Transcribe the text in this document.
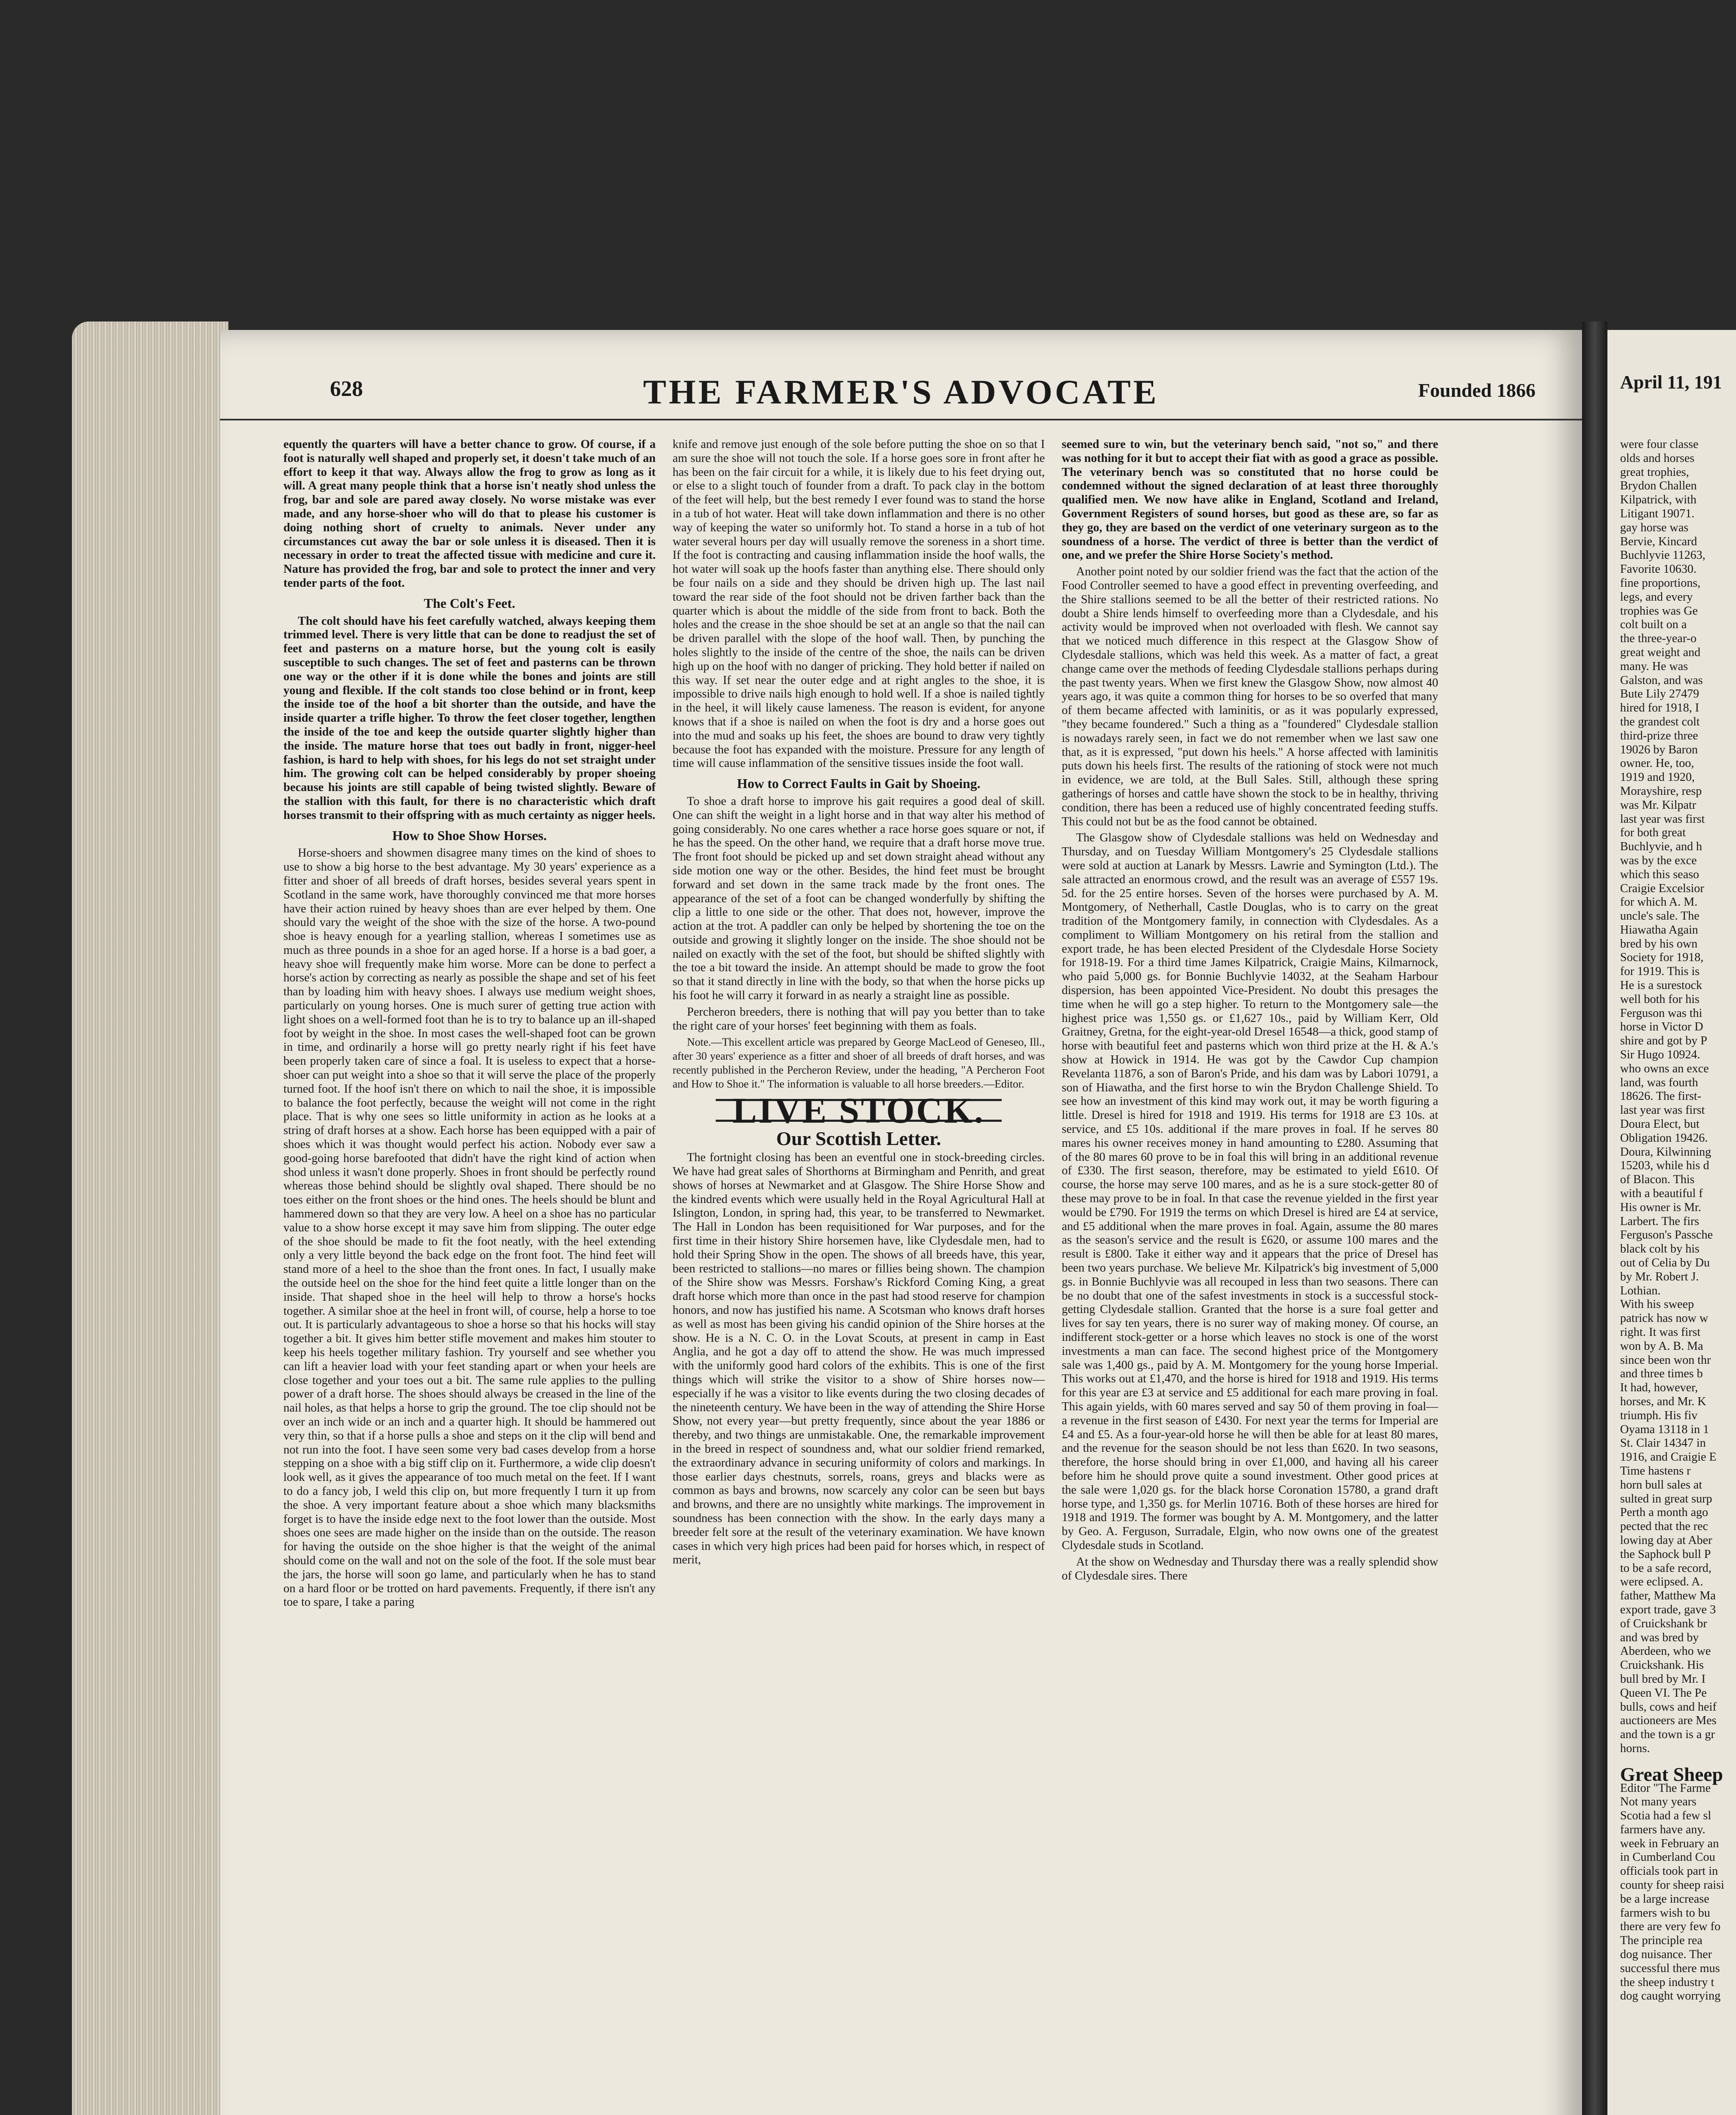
628	THE FARMER'S ADVOCATE	Founded 1866

equently the quarters will have a better chance to grow. Of course, if a foot is naturally well shaped and properly set, it doesn't take much of an effort to keep it that way. Always allow the frog to grow as long as it will. A great many people think that a horse isn't neatly shod unless the frog, bar and sole are pared away closely. No worse mistake was ever made, and any horse-shoer who will do that to please his customer is doing nothing short of cruelty to animals. Never under any circumstances cut away the bar or sole unless it is diseased. Then it is necessary in order to treat the affected tissue with medicine and cure it. Nature has provided the frog, bar and sole to protect the inner and very tender parts of the foot.

The Colt's Feet.

The colt should have his feet carefully watched, always keeping them trimmed level. There is very little that can be done to readjust the set of feet and pasterns on a mature horse, but the young colt is easily susceptible to such changes. The set of feet and pasterns can be thrown one way or the other if it is done while the bones and joints are still young and flexible. If the colt stands too close behind or in front, keep the inside toe of the hoof a bit shorter than the outside, and have the inside quarter a trifle higher. To throw the feet closer together, lengthen the inside of the toe and keep the outside quarter slightly higher than the inside. The mature horse that toes out badly in front, nigger-heel fashion, is hard to help with shoes, for his legs do not set straight under him. The growing colt can be helped considerably by proper shoeing because his joints are still capable of being twisted slightly. Beware of the stallion with this fault, for there is no characteristic which draft horses transmit to their offspring with as much certainty as nigger heels.

How to Shoe Show Horses.

Horse-shoers and showmen disagree many times on the kind of shoes to use to show a big horse to the best advantage. My 30 years' experience as a fitter and shoer of all breeds of draft horses, besides several years spent in Scotland in the same work, have thoroughly convinced me that more horses have their action ruined by heavy shoes than are ever helped by them. One should vary the weight of the shoe with the size of the horse. A two-pound shoe is heavy enough for a yearling stallion, whereas I sometimes use as much as three pounds in a shoe for an aged horse. If a horse is a bad goer, a heavy shoe will frequently make him worse. More can be done to perfect a horse's action by correcting as nearly as possible the shape and set of his feet than by loading him with heavy shoes. I always use medium weight shoes, particularly on young horses. One is much surer of getting true action with light shoes on a well-formed foot than he is to try to balance up an ill-shaped foot by weight in the shoe. In most cases the well-shaped foot can be grown in time, and ordinarily a horse will go pretty nearly right if his feet have been properly taken care of since a foal. It is useless to expect that a horse-shoer can put weight into a shoe so that it will serve the place of the properly turned foot. If the hoof isn't there on which to nail the shoe, it is impossible to balance the foot perfectly, because the weight will not come in the right place. That is why one sees so little uniformity in action as he looks at a string of draft horses at a show. Each horse has been equipped with a pair of shoes which it was thought would perfect his action. Nobody ever saw a good-going horse barefooted that didn't have the right kind of action when shod unless it wasn't done properly. Shoes in front should be perfectly round whereas those behind should be slightly oval shaped. There should be no toes either on the front shoes or the hind ones. The heels should be blunt and hammered down so that they are very low. A heel on a shoe has no particular value to a show horse except it may save him from slipping. The outer edge of the shoe should be made to fit the foot neatly, with the heel extending only a very little beyond the back edge on the front foot. The hind feet will stand more of a heel to the shoe than the front ones. In fact, I usually make the outside heel on the shoe for the hind feet quite a little longer than on the inside. That shaped shoe in the heel will help to throw a horse's hocks together. A similar shoe at the heel in front will, of course, help a horse to toe out. It is particularly advantageous to shoe a horse so that his hocks will stay together a bit. It gives him better stifle movement and makes him stouter to keep his heels together military fashion. Try yourself and see whether you can lift a heavier load with your feet standing apart or when your heels are close together and your toes out a bit. The same rule applies to the pulling power of a draft horse. The shoes should always be creased in the line of the nail holes, as that helps a horse to grip the ground. The toe clip should not be over an inch wide or an inch and a quarter high. It should be hammered out very thin, so that if a horse pulls a shoe and steps on it the clip will bend and not run into the foot. I have seen some very bad cases develop from a horse stepping on a shoe with a big stiff clip on it. Furthermore, a wide clip doesn't look well, as it gives the appearance of too much metal on the feet. If I want to do a fancy job, I weld this clip on, but more frequently I turn it up from the shoe. A very important feature about a shoe which many blacksmiths forget is to have the inside edge next to the foot lower than the outside. Most shoes one sees are made higher on the inside than on the outside. The reason for having the outside on the shoe higher is that the weight of the animal should come on the wall and not on the sole of the foot. If the sole must bear the jars, the horse will soon go lame, and particularly when he has to stand on a hard floor or be trotted on hard pavements. Frequently, if there isn't any toe to spare, I take a paring

knife and remove just enough of the sole before putting the shoe on so that I am sure the shoe will not touch the sole. If a horse goes sore in front after he has been on the fair circuit for a while, it is likely due to his feet drying out, or else to a slight touch of founder from a draft. To pack clay in the bottom of the feet will help, but the best remedy I ever found was to stand the horse in a tub of hot water. Heat will take down inflammation and there is no other way of keeping the water so uniformly hot. To stand a horse in a tub of hot water several hours per day will usually remove the soreness in a short time. If the foot is contracting and causing inflammation inside the hoof walls, the hot water will soak up the hoofs faster than anything else. There should only be four nails on a side and they should be driven high up. The last nail toward the rear side of the foot should not be driven farther back than the quarter which is about the middle of the side from front to back. Both the holes and the crease in the shoe should be set at an angle so that the nail can be driven parallel with the slope of the hoof wall. Then, by punching the holes slightly to the inside of the centre of the shoe, the nails can be driven high up on the hoof with no danger of pricking. They hold better if nailed on this way. If set near the outer edge and at right angles to the shoe, it is impossible to drive nails high enough to hold well. If a shoe is nailed tightly in the heel, it will likely cause lameness. The reason is evident, for anyone knows that if a shoe is nailed on when the foot is dry and a horse goes out into the mud and soaks up his feet, the shoes are bound to draw very tightly because the foot has expanded with the moisture. Pressure for any length of time will cause inflammation of the sensitive tissues inside the foot wall.

How to Correct Faults in Gait by Shoeing.

To shoe a draft horse to improve his gait requires a good deal of skill. One can shift the weight in a light horse and in that way alter his method of going considerably. No one cares whether a race horse goes square or not, if he has the speed. On the other hand, we require that a draft horse move true. The front foot should be picked up and set down straight ahead without any side motion one way or the other. Besides, the hind feet must be brought forward and set down in the same track made by the front ones. The appearance of the set of a foot can be changed wonderfully by shifting the clip a little to one side or the other. That does not, however, improve the action at the trot. A paddler can only be helped by shortening the toe on the outside and growing it slightly longer on the inside. The shoe should not be nailed on exactly with the set of the foot, but should be shifted slightly with the toe a bit toward the inside. An attempt should be made to grow the foot so that it stand directly in line with the body, so that when the horse picks up his foot he will carry it forward in as nearly a straight line as possible.

Percheron breeders, there is nothing that will pay you better than to take the right care of your horses' feet beginning with them as foals.

Note.—This excellent article was prepared by George MacLeod of Geneseo, Ill., after 30 years' experience as a fitter and shoer of all breeds of draft horses, and was recently published in the Percheron Review, under the heading, "A Percheron Foot and How to Shoe it." The information is valuable to all horse breeders.—Editor.

LIVE STOCK.
Our Scottish Letter.

The fortnight closing has been an eventful one in stock-breeding circles. We have had great sales of Shorthorns at Birmingham and Penrith, and great shows of horses at Newmarket and at Glasgow. The Shire Horse Show and the kindred events which were usually held in the Royal Agricultural Hall at Islington, London, in spring had, this year, to be transferred to Newmarket. The Hall in London has been requisitioned for War purposes, and for the first time in their history Shire horsemen have, like Clydesdale men, had to hold their Spring Show in the open. The shows of all breeds have, this year, been restricted to stallions—no mares or fillies being shown. The champion of the Shire show was Messrs. Forshaw's Rickford Coming King, a great draft horse which more than once in the past had stood reserve for champion honors, and now has justified his name. A Scotsman who knows draft horses as well as most has been giving his candid opinion of the Shire horses at the show. He is a N. C. O. in the Lovat Scouts, at present in camp in East Anglia, and he got a day off to attend the show. He was much impressed with the uniformly good hard colors of the exhibits. This is one of the first things which will strike the visitor to a show of Shire horses now—especially if he was a visitor to like events during the two closing decades of the nineteenth century. We have been in the way of attending the Shire Horse Show, not every year—but pretty frequently, since about the year 1886 or thereby, and two things are unmistakable. One, the remarkable improvement in the breed in respect of soundness and, what our soldier friend remarked, the extraordinary advance in securing uniformity of colors and markings. In those earlier days chestnuts, sorrels, roans, greys and blacks were as common as bays and browns, now scarcely any color can be seen but bays and browns, and there are no unsightly white markings. The improvement in soundness has been connection with the show. In the early days many a breeder felt sore at the result of the veterinary examination. We have known cases in which very high prices had been paid for horses which, in respect of merit,

seemed sure to win, but the veterinary bench said, "not so," and there was nothing for it but to accept their fiat with as good a grace as possible. The veterinary bench was so constituted that no horse could be condemned without the signed declaration of at least three thoroughly qualified men. We now have alike in England, Scotland and Ireland, Government Registers of sound horses, but good as these are, so far as they go, they are based on the verdict of one veterinary surgeon as to the soundness of a horse. The verdict of three is better than the verdict of one, and we prefer the Shire Horse Society's method.

Another point noted by our soldier friend was the fact that the action of the Food Controller seemed to have a good effect in preventing overfeeding, and the Shire stallions seemed to be all the better of their restricted rations. No doubt a Shire lends himself to overfeeding more than a Clydesdale, and his activity would be improved when not overloaded with flesh. We cannot say that we noticed much difference in this respect at the Glasgow Show of Clydesdale stallions, which was held this week. As a matter of fact, a great change came over the methods of feeding Clydesdale stallions perhaps during the past twenty years. When we first knew the Glasgow Show, now almost 40 years ago, it was quite a common thing for horses to be so overfed that many of them became affected with laminitis, or as it was popularly expressed, "they became foundered." Such a thing as a "foundered" Clydesdale stallion is nowadays rarely seen, in fact we do not remember when we last saw one that, as it is expressed, "put down his heels." A horse affected with laminitis puts down his heels first. The results of the rationing of stock were not much in evidence, we are told, at the Bull Sales. Still, although these spring gatherings of horses and cattle have shown the stock to be in healthy, thriving condition, there has been a reduced use of highly concentrated feeding stuffs. This could not but be as the food cannot be obtained.

The Glasgow show of Clydesdale stallions was held on Wednesday and Thursday, and on Tuesday William Montgomery's 25 Clydesdale stallions were sold at auction at Lanark by Messrs. Lawrie and Symington (Ltd.). The sale attracted an enormous crowd, and the result was an average of £557 19s. 5d. for the 25 entire horses. Seven of the horses were purchased by A. M. Montgomery, of Netherhall, Castle Douglas, who is to carry on the great tradition of the Montgomery family, in connection with Clydesdales. As a compliment to William Montgomery on his retiral from the stallion and export trade, he has been elected President of the Clydesdale Horse Society for 1918-19. For a third time James Kilpatrick, Craigie Mains, Kilmarnock, who paid 5,000 gs. for Bonnie Buchlyvie 14032, at the Seaham Harbour dispersion, has been appointed Vice-President. No doubt this presages the time when he will go a step higher. To return to the Montgomery sale—the highest price was 1,550 gs. or £1,627 10s., paid by William Kerr, Old Graitney, Gretna, for the eight-year-old Dresel 16548—a thick, good stamp of horse with beautiful feet and pasterns which won third prize at the H. & A.'s show at Howick in 1914. He was got by the Cawdor Cup champion Revelanta 11876, a son of Baron's Pride, and his dam was by Labori 10791, a son of Hiawatha, and the first horse to win the Brydon Challenge Shield. To see how an investment of this kind may work out, it may be worth figuring a little. Dresel is hired for 1918 and 1919. His terms for 1918 are £3 10s. at service, and £5 10s. additional if the mare proves in foal. If he serves 80 mares his owner receives money in hand amounting to £280. Assuming that of the 80 mares 60 prove to be in foal this will bring in an additional revenue of £330. The first season, therefore, may be estimated to yield £610. Of course, the horse may serve 100 mares, and as he is a sure stock-getter 80 of these may prove to be in foal. In that case the revenue yielded in the first year would be £790. For 1919 the terms on which Dresel is hired are £4 at service, and £5 additional when the mare proves in foal. Again, assume the 80 mares as the season's service and the result is £620, or assume 100 mares and the result is £800. Take it either way and it appears that the price of Dresel has been two years purchase. We believe Mr. Kilpatrick's big investment of 5,000 gs. in Bonnie Buchlyvie was all recouped in less than two seasons. There can be no doubt that one of the safest investments in stock is a successful stock-getting Clydesdale stallion. Granted that the horse is a sure foal getter and lives for say ten years, there is no surer way of making money. Of course, an indifferent stock-getter or a horse which leaves no stock is one of the worst investments a man can face. The second highest price of the Montgomery sale was 1,400 gs., paid by A. M. Montgomery for the young horse Imperial. This works out at £1,470, and the horse is hired for 1918 and 1919. His terms for this year are £3 at service and £5 additional for each mare proving in foal. This again yields, with 60 mares served and say 50 of them proving in foal—a revenue in the first season of £430. For next year the terms for Imperial are £4 and £5. As a four-year-old horse he will then be able for at least 80 mares, and the revenue for the season should be not less than £620. In two seasons, therefore, the horse should bring in over £1,000, and having all his career before him he should prove quite a sound investment. Other good prices at the sale were 1,020 gs. for the black horse Coronation 15780, a grand draft horse type, and 1,350 gs. for Merlin 10716. Both of these horses are hired for 1918 and 1919. The former was bought by A. M. Montgomery, and the latter by Geo. A. Ferguson, Surradale, Elgin, who now owns one of the greatest Clydesdale studs in Scotland.

At the show on Wednesday and Thursday there was a really splendid show of Clydesdale sires. There

April 11, 191
were four classe
olds and horses
great trophies,
Brydon Challen
Kilpatrick, with
Litigant 19071.
gay horse was
Bervie, Kincard
Buchlyvie 11263,
Favorite 10630.
fine proportions,
legs, and every
trophies was Ge
colt built on a
the three-year-o
great weight and
many. He was
Galston, and was
Bute Lily 27479
hired for 1918, I
the grandest colt
third-prize three
19026 by Baron
owner. He, too,
1919 and 1920,
Morayshire, resp
was Mr. Kilpatr
last year was first
for both great
Buchlyvie, and h
was by the exce
which this seaso
Craigie Excelsior
for which A. M.
uncle's sale. The
Hiawatha Again
bred by his own
Society for 1918,
for 1919. This is
He is a surestock
well both for his
Ferguson was thi
horse in Victor D
shire and got by P
Sir Hugo 10924.
who owns an exce
land, was fourth
18626. The first-
last year was first
Doura Elect, but
Obligation 19426.
Doura, Kilwinning
15203, while his d
of Blacon. This
with a beautiful f
His owner is Mr.
Larbert. The firs
Ferguson's Passche
black colt by his
out of Celia by Du
by Mr. Robert J.
Lothian.
With his sweep
patrick has now w
right. It was first
won by A. B. Ma
since been won thr
and three times b
It had, however,
horses, and Mr. K
triumph. His fiv
Oyama 13118 in 1
St. Clair 14347 in
1916, and Craigie E
Time hastens r
horn bull sales at
sulted in great surp
Perth a month ago
pected that the rec
lowing day at Aber
the Saphock bull P
to be a safe record,
were eclipsed. A.
father, Matthew Ma
export trade, gave 3
of Cruickshank br
and was bred by
Aberdeen, who we
Cruickshank. His
bull bred by Mr. I
Queen VI. The Pe
bulls, cows and heif
auctioneers are Mes
and the town is a gr
horns.
Great Sheep
Editor "The Farme
Not many years
Scotia had a few sl
farmers have any.
week in February an
in Cumberland Cou
officials took part in
county for sheep raisi
be a large increase
farmers wish to bu
there are very few fo
The principle rea
dog nuisance. Ther
successful there mus
the sheep industry t
dog caught worrying
